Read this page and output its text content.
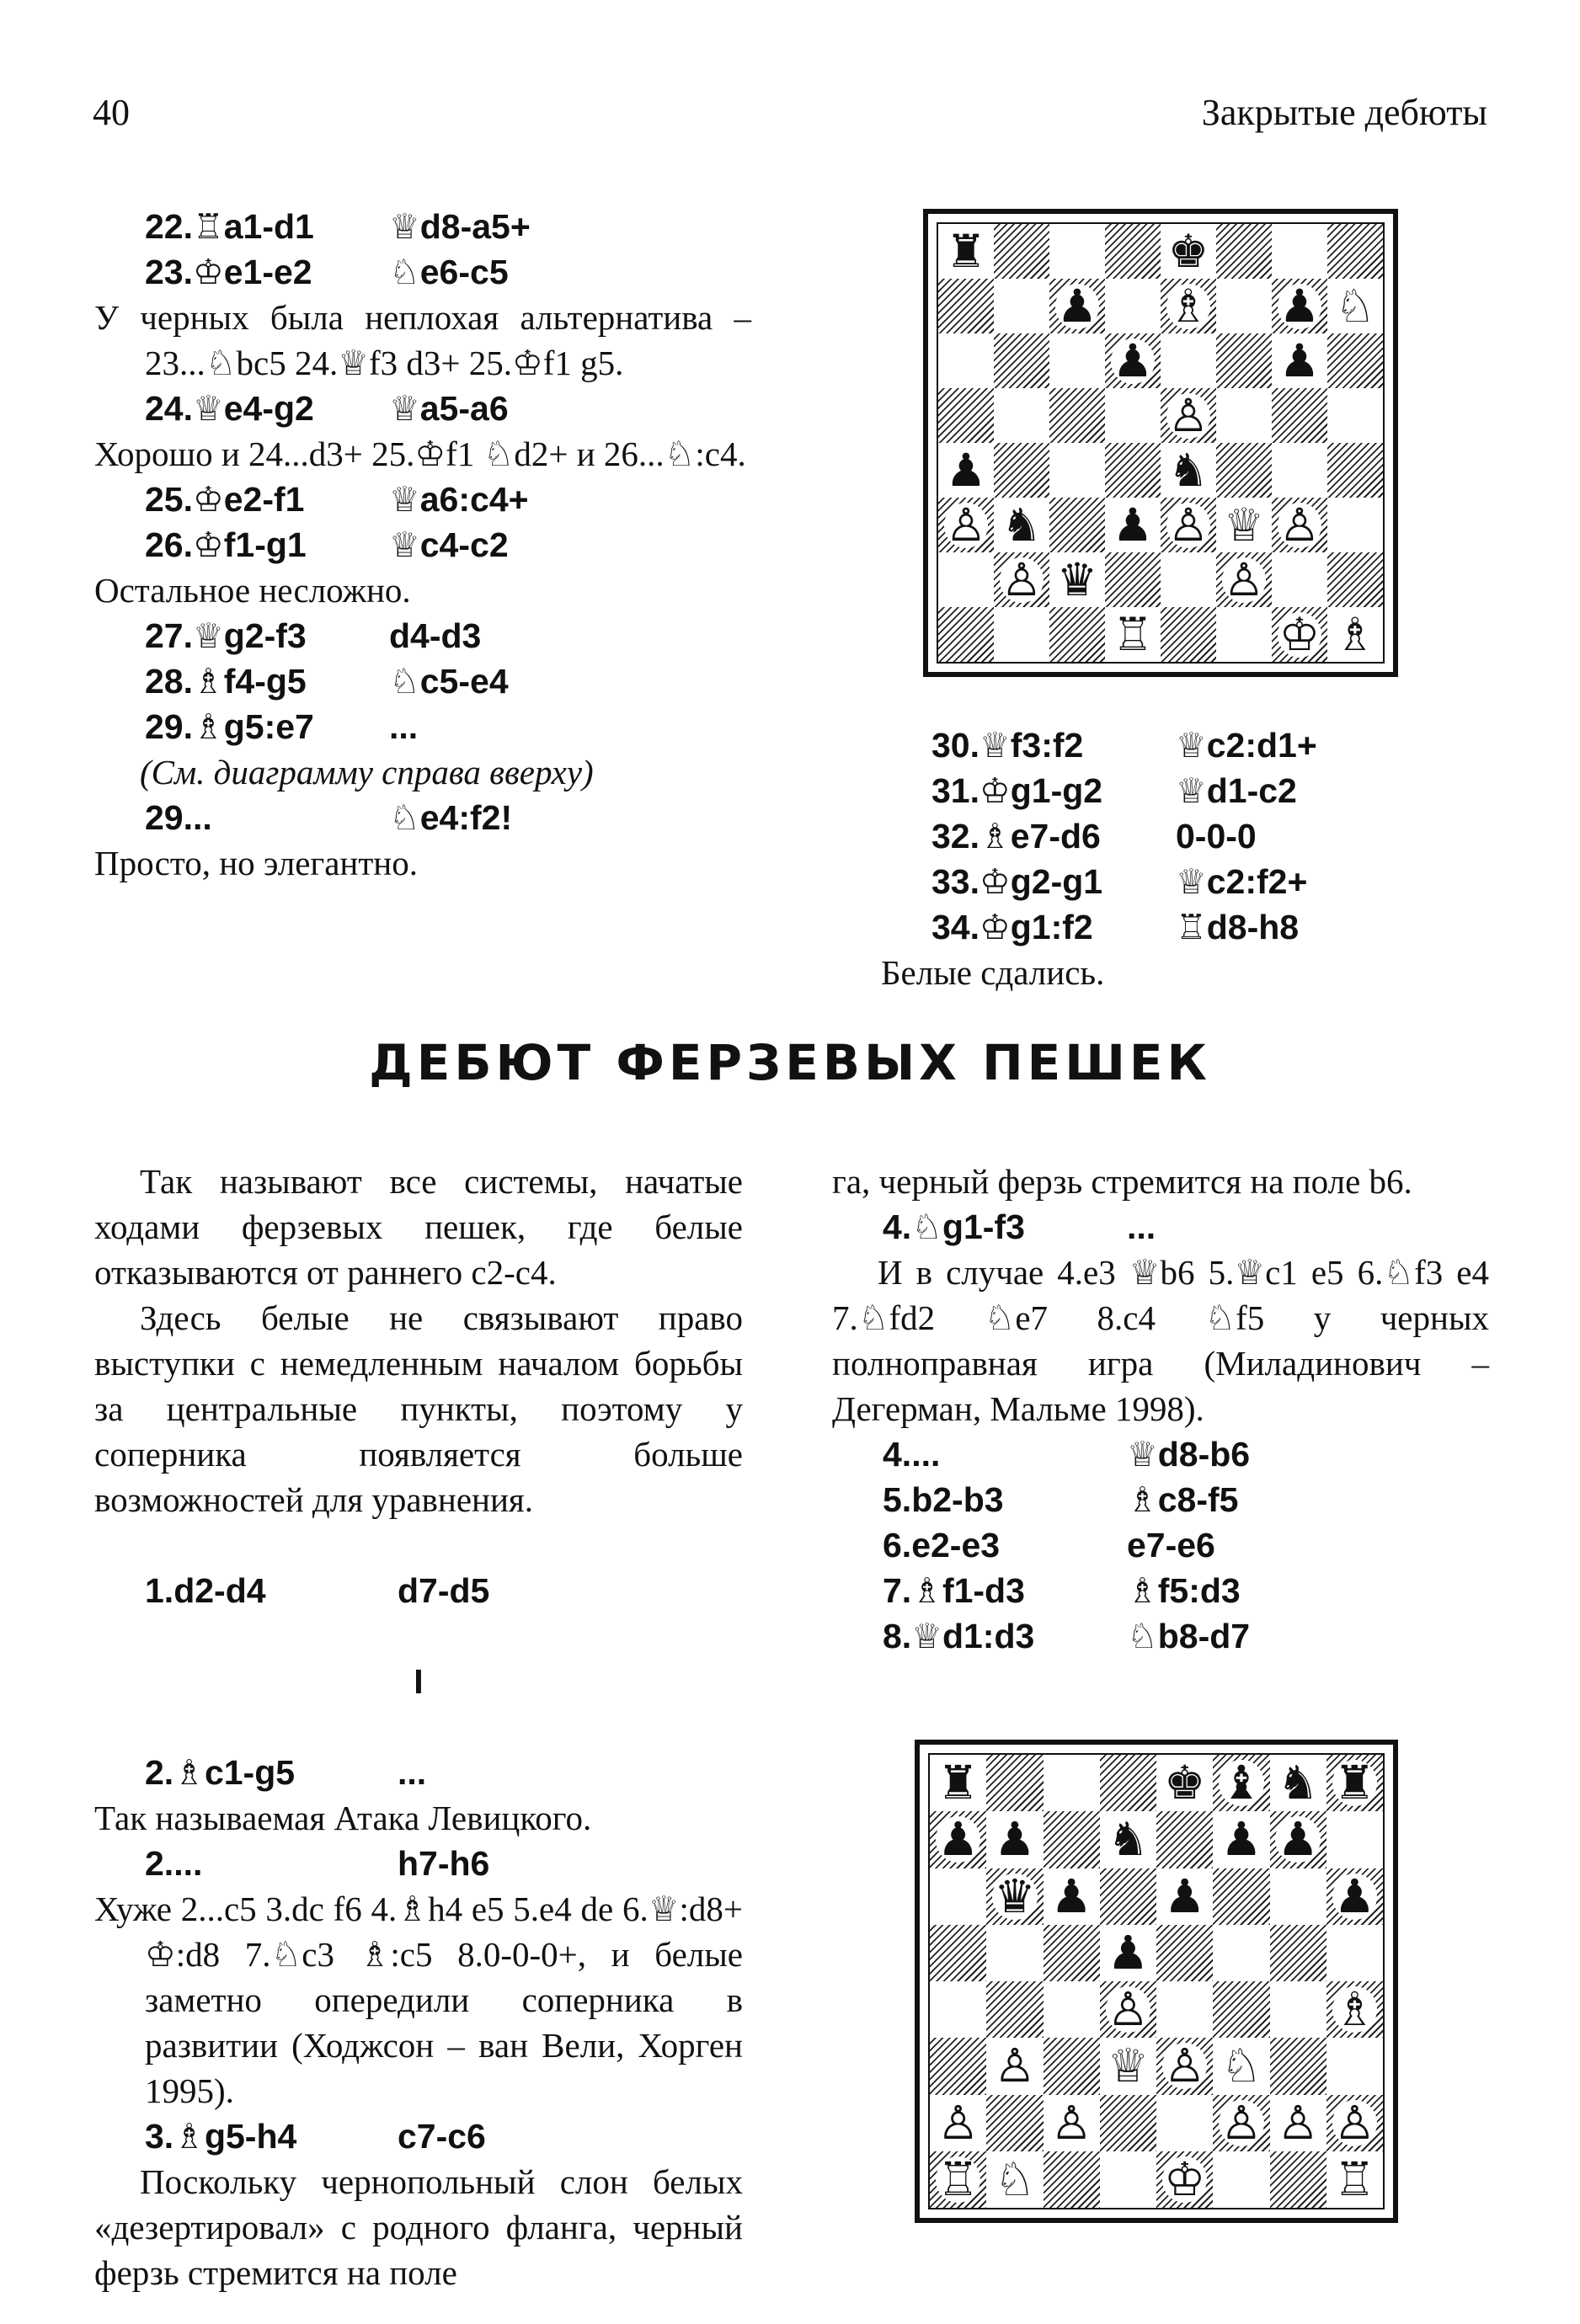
40	Закрытые дебюты
22.♖a1-d1	♕d8-a5+
23.♔e1-e2	♘e6-c5

У черных была неплохая альтернатива – 23...♘bc5 24.♕f3 d3+ 25.♔f1 g5.

24.♕e4-g2	♕a5-a6

Хорошо и 24...d3+ 25.♔f1 ♘d2+ и 26...♘:c4.

25.♔e2-f1	♕a6:c4+
26.♔f1-g1	♕c4-c2

Остальное несложно.

27.♕g2-f3	d4-d3
28.♗f4-g5	♘c5-e4
29.♗g5:e7	...

(См. диаграмму справа вверху)

29...	♘e4:f2!

Просто, но элегантно.

♜	♚
♟ ♗ ♟ ♘
♟	♟
♙
♟	♞
♙ ♞ ♟ ♙ ♕ ♙
♙ ♛	♙
♖	♔ ♗
30.♕f3:f2	♕c2:d1+
31.♔g1-g2	♕d1-c2
32.♗e7-d6	0-0-0
33.♔g2-g1	♕c2:f2+
34.♔g1:f2	♖d8-h8

Белые сдались.

ДЕБЮТ ФЕРЗЕВЫХ ПЕШЕК

Так называют все системы, начатые ходами ферзевых пешек, где белые отказываются от раннего c2-c4.

Здесь белые не связывают право выступки с немедленным началом борьбы за центральные пункты, поэтому у соперника появляется больше возможностей для уравнения.

1.d2-d4	d7-d5
I
2.♗c1-g5	...

Так называемая Атака Левицкого.

2....	h7-h6

Хуже 2...c5 3.dc f6 4.♗h4 e5 5.e4 de 6.♕:d8+ ♔:d8 7.♘c3 ♗:c5 8.0-0-0+, и белые заметно опередили соперника в развитии (Ходжсон – ван Вели, Хорген 1995).

3.♗g5-h4	c7-c6

Поскольку чернопольный слон белых «дезертировал» с родного фланга, черный ферзь стремится на поле

га, черный ферзь стремится на поле b6.

4.♘g1-f3	...

И в случае 4.e3 ♕b6 5.♕c1 e5 6.♘f3 e4 7.♘fd2 ♘e7 8.c4 ♘f5 у черных полноправная игра (Миладинович – Дегерман, Мальме 1998).

4....	♕d8-b6
5.b2-b3	♗c8-f5
6.e2-e3	e7-e6
7.♗f1-d3	♗f5:d3
8.♕d1:d3	♘b8-d7
♜	♚ ♝ ♞ ♜
♟ ♟ ♞ ♟ ♟
♛ ♟ ♟	♟
♟
♙	♗
♙ ♕ ♙ ♘
♙ ♙	♙ ♙ ♙
♖ ♘	♔	♖
